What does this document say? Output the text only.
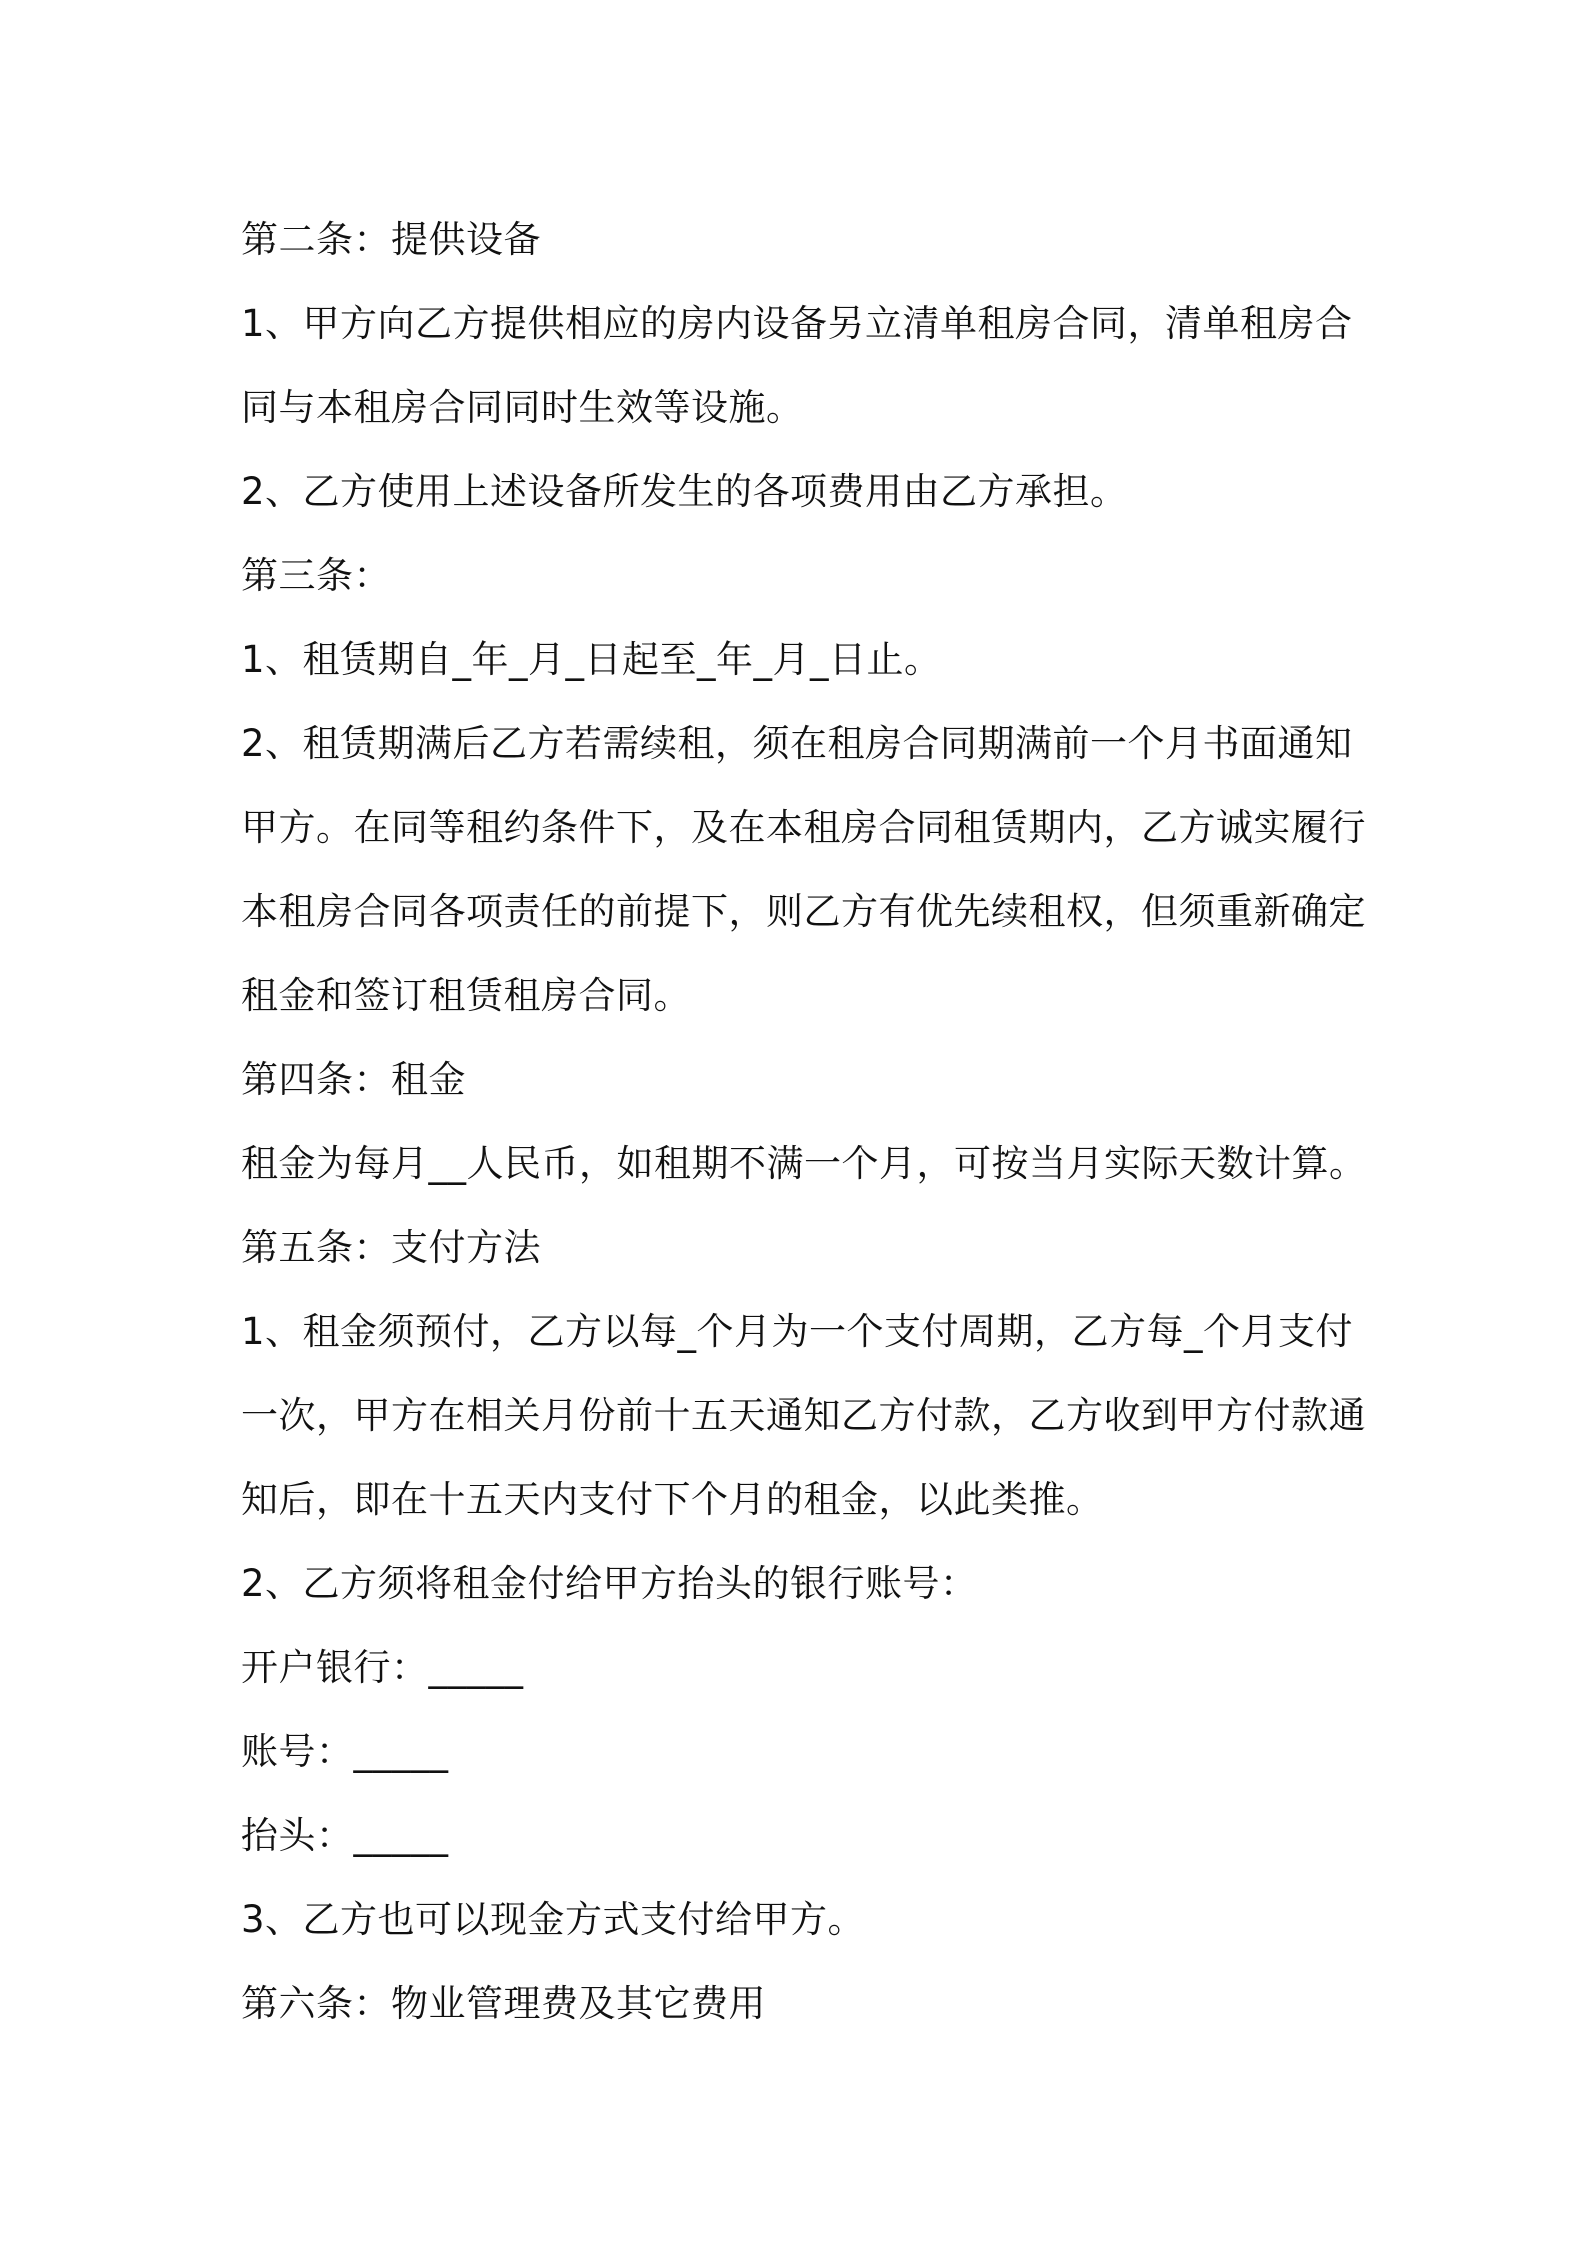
第二条：提供设备
1、甲方向乙方提供相应的房内设备另立清单租房合同，清单租房合
同与本租房合同同时生效等设施。
2、乙方使用上述设备所发生的各项费用由乙方承担。
第三条：
1、租赁期自_年_月_日起至_年_月_日止。
2、租赁期满后乙方若需续租，须在租房合同期满前一个月书面通知
甲方。在同等租约条件下，及在本租房合同租赁期内，乙方诚实履行
本租房合同各项责任的前提下，则乙方有优先续租权，但须重新确定
租金和签订租赁租房合同。
第四条：租金
租金为每月__人民币，如租期不满一个月，可按当月实际天数计算。
第五条：支付方法
1、租金须预付，乙方以每_个月为一个支付周期，乙方每_个月支付
一次，甲方在相关月份前十五天通知乙方付款，乙方收到甲方付款通
知后，即在十五天内支付下个月的租金，以此类推。
2、乙方须将租金付给甲方抬头的银行账号：
开户银行：_____
账号：_____
抬头：_____
3、乙方也可以现金方式支付给甲方。
第六条：物业管理费及其它费用
